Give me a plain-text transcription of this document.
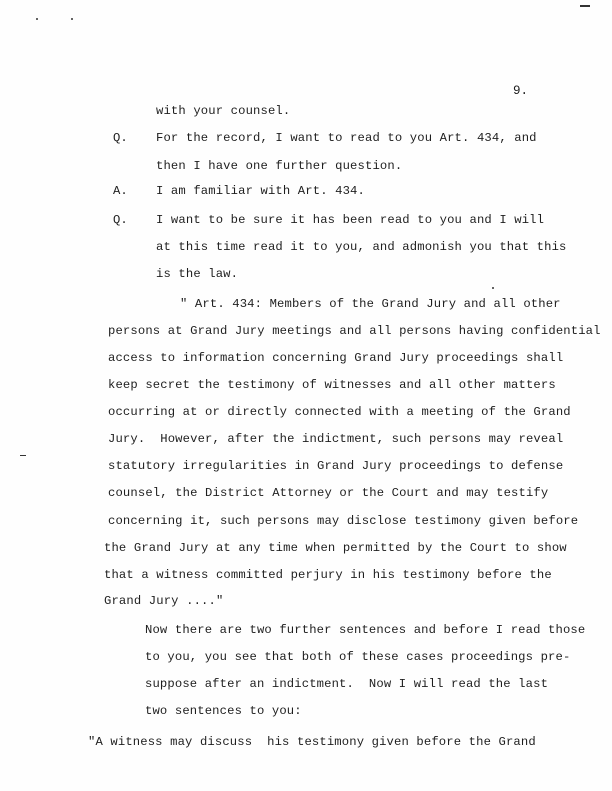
9.
with your counsel.
Q. For the record, I want to read to you Art. 434, and
then I have one further question.
A. I am familiar with Art. 434.
Q. I want to be sure it has been read to you and I will
at this time read it to you, and admonish you that this
is the law.
" Art. 434: Members of the Grand Jury and all other
persons at Grand Jury meetings and all persons having confidential
access to information concerning Grand Jury proceedings shall
keep secret the testimony of witnesses and all other matters
occurring at or directly connected with a meeting of the Grand
Jury.  However, after the indictment, such persons may reveal
statutory irregularities in Grand Jury proceedings to defense
counsel, the District Attorney or the Court and may testify
concerning it, such persons may disclose testimony given before
the Grand Jury at any time when permitted by the Court to show
that a witness committed perjury in his testimony before the
Grand Jury ...."
Now there are two further sentences and before I read those
to you, you see that both of these cases proceedings pre-
suppose after an indictment.  Now I will read the last
two sentences to you:
"A witness may discuss  his testimony given before the Grand
